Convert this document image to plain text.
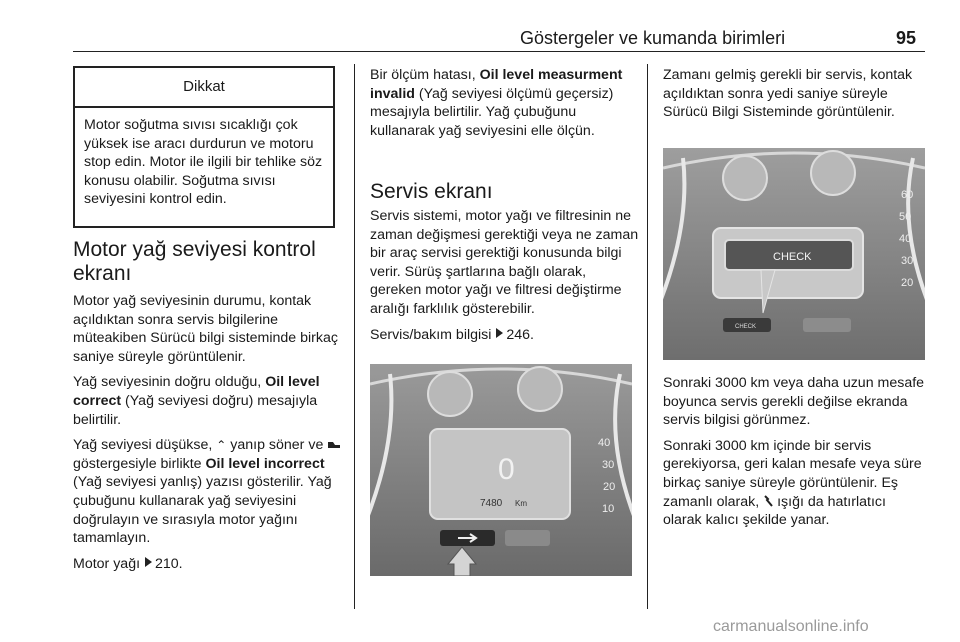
Göstergeler ve kumanda birimleri	95
Dikkat
Motor soğutma sıvısı sıcaklığı çok yüksek ise aracı durdurun ve motoru stop edin. Motor ile ilgili bir tehlike söz konusu olabilir. Soğutma sıvısı seviyesini kontrol edin.
Motor yağ seviyesi kontrol ekranı

Motor yağ seviyesinin durumu, kontak açıldıktan sonra servis bilgilerine müteakiben Sürücü bilgi sisteminde birkaç saniye süreyle görüntülenir.

Yağ seviyesinin doğru olduğu, Oil level correct (Yağ seviyesi doğru) mesajıyla belirtilir.

Yağ seviyesi düşükse, ⌃ yanıp söner ve göstergesiyle birlikte Oil level incorrect (Yağ seviyesi yanlış) yazısı gösterilir. Yağ çubuğunu kullanarak yağ seviyesini doğrulayın ve sırasıyla motor yağını tamamlayın.

Motor yağı 210.

Bir ölçüm hatası, Oil level measurment invalid (Yağ seviyesi ölçümü geçersiz) mesajıyla belirtilir. Yağ çubuğunu kullanarak yağ seviyesini elle ölçün.

Servis ekranı

Servis sistemi, motor yağı ve filtresinin ne zaman değişmesi gerektiği veya ne zaman bir araç servisi gerektiği konusunda bilgi verir. Sürüş şartlarına bağlı olarak, gereken motor yağı ve filtresi değiştirme aralığı farklılık gösterebilir.

Servis/bakım bilgisi 246.

40
30
20
10
0
7480 Km

Zamanı gelmiş gerekli bir servis, kontak açıldıktan sonra yedi saniye süreyle Sürücü Bilgi Sisteminde görüntülenir.

60
50
40
30
20
CHECK
CHECK

Sonraki 3000 km veya daha uzun mesafe boyunca servis gerekli değilse ekranda servis bilgisi görünmez.

Sonraki 3000 km içinde bir servis gerekiyorsa, geri kalan mesafe veya süre birkaç saniye süreyle görüntülenir. Eş zamanlı olarak,  ışığı da hatırlatıcı olarak kalıcı şekilde yanar.

carmanualsonline.info
